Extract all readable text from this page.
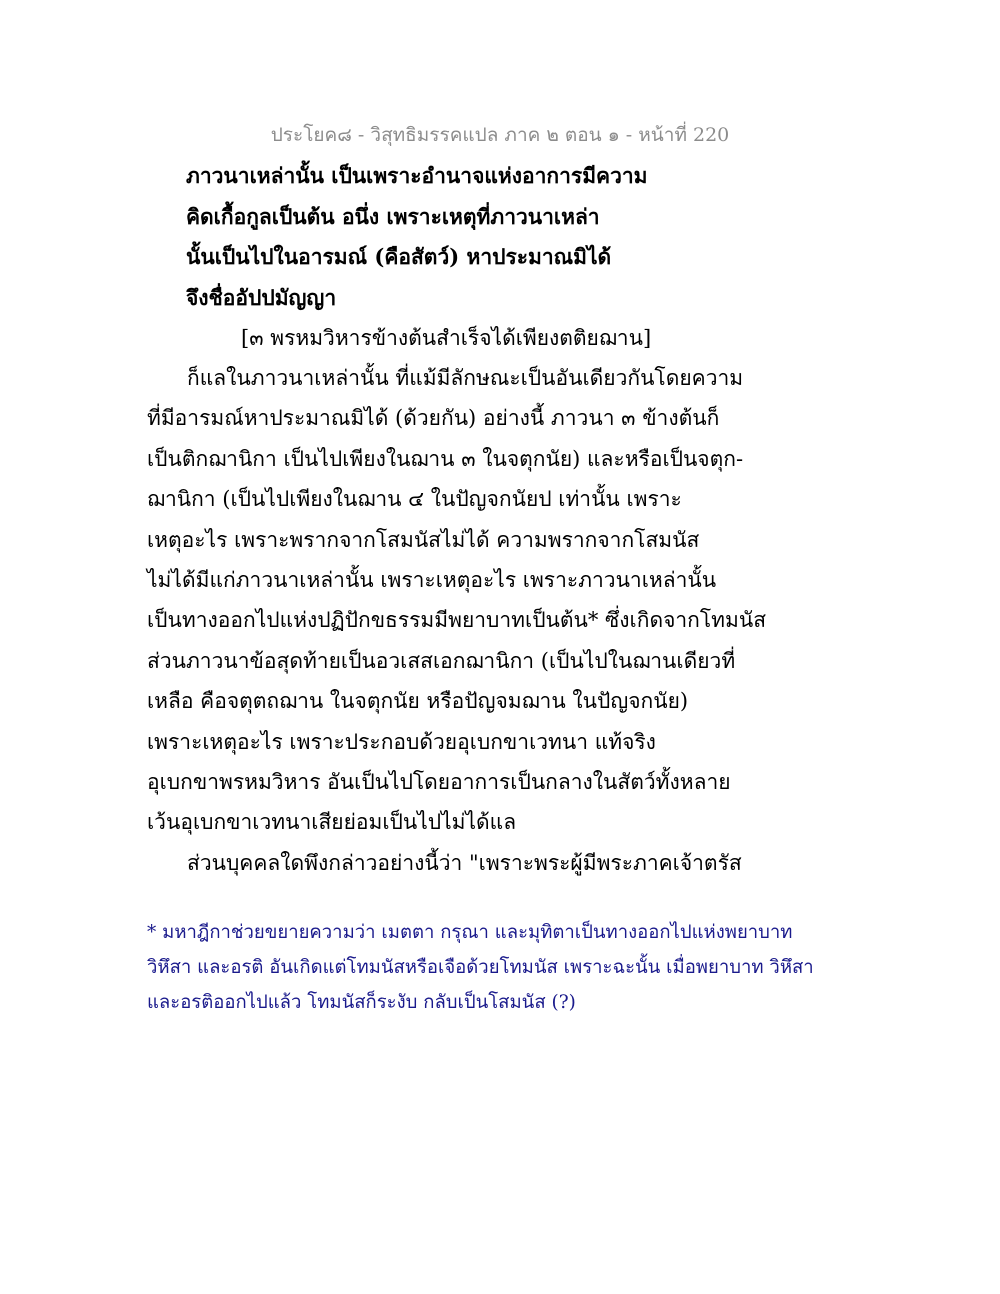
ประโยค๘ - วิสุทธิมรรคแปล ภาค ๒ ตอน ๑ - หน้าที่ 220
ภาวนาเหล่านั้น เป็นเพราะอำนาจแห่งอาการมีความ
คิดเกื้อกูลเป็นต้น อนึ่ง เพราะเหตุที่ภาวนาเหล่า
นั้นเป็นไปในอารมณ์ (คือสัตว์) หาประมาณมิได้
จึงชื่ออัปปมัญญา
[๓ พรหมวิหารข้างต้นสำเร็จได้เพียงตติยฌาน]
ก็แลในภาวนาเหล่านั้น ที่แม้มีลักษณะเป็นอันเดียวกันโดยความ
ที่มีอารมณ์หาประมาณมิได้ (ด้วยกัน) อย่างนี้ ภาวนา ๓ ข้างต้นก็
เป็นติกฌานิกา เป็นไปเพียงในฌาน ๓ ในจตุกนัย) และหรือเป็นจตุก-
ฌานิกา (เป็นไปเพียงในฌาน ๔ ในปัญจกนัยป เท่านั้น เพราะ
เหตุอะไร เพราะพรากจากโสมนัสไม่ได้ ความพรากจากโสมนัส
ไม่ได้มีแก่ภาวนาเหล่านั้น เพราะเหตุอะไร เพราะภาวนาเหล่านั้น
เป็นทางออกไปแห่งปฏิปักขธรรมมีพยาบาทเป็นต้น* ซึ่งเกิดจากโทมนัส
ส่วนภาวนาข้อสุดท้ายเป็นอวเสสเอกฌานิกา (เป็นไปในฌานเดียวที่
เหลือ คือจตุตถฌาน ในจตุกนัย หรือปัญจมฌาน ในปัญจกนัย)
เพราะเหตุอะไร เพราะประกอบด้วยอุเบกขาเวทนา แท้จริง
อุเบกขาพรหมวิหาร อันเป็นไปโดยอาการเป็นกลางในสัตว์ทั้งหลาย
เว้นอุเบกขาเวทนาเสียย่อมเป็นไปไม่ได้แล
ส่วนบุคคลใดพึงกล่าวอย่างนี้ว่า "เพราะพระผู้มีพระภาคเจ้าตรัส
* มหาฎีกาช่วยขยายความว่า เมตตา กรุณา และมุทิตาเป็นทางออกไปแห่งพยาบาท
วิหึสา และอรติ อันเกิดแต่โทมนัสหรือเจือด้วยโทมนัส เพราะฉะนั้น เมื่อพยาบาท วิหึสา
และอรติออกไปแล้ว โทมนัสก็ระงับ กลับเป็นโสมนัส (?)
